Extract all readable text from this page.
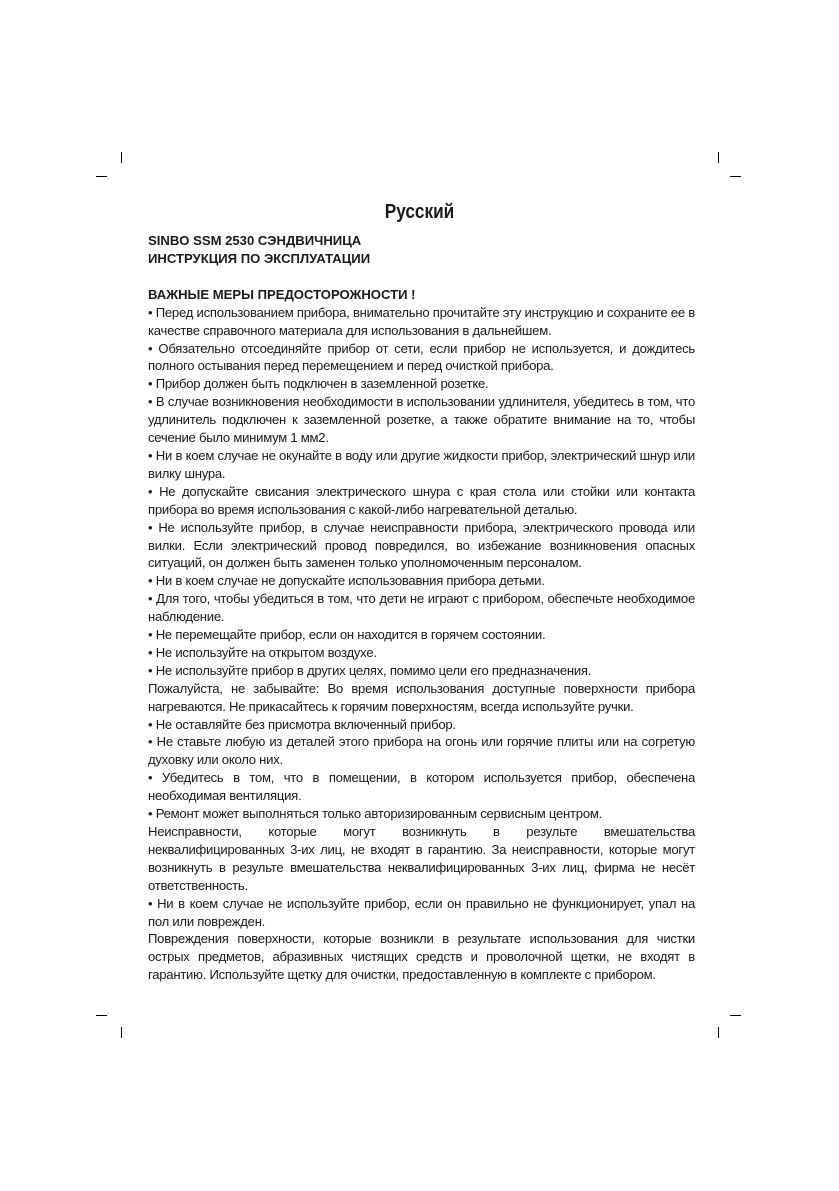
Русский

SINBO SSM 2530 СЭНДВИЧНИЦА

ИНСТРУКЦИЯ ПО ЭКСПЛУАТАЦИИ

ВАЖНЫЕ МЕРЫ ПРЕДОСТОРОЖНОСТИ !

• Перед использованием прибора, внимательно прочитайте эту инструкцию и сохраните ее в качестве справочного материала для использования в дальнейшем.

• Обязательно отсоединяйте прибор от сети, если прибор не используется, и дождитесь полного остывания перед перемещением и перед очисткой прибора.

• Прибор должен быть подключен в заземленной розетке.

• В случае возникновения необходимости в использовании удлинителя, убедитесь в том, что удлинитель подключен к заземленной розетке, а также обратите внимание на то, чтобы сечение было минимум 1 мм2.

• Ни в коем случае не окунайте в воду или другие жидкости прибор, электрический шнур или вилку шнура.

• Не допускайте свисания электрического шнура с края стола или стойки или контакта прибора во время использования с какой-либо нагревательной деталью.

• Не используйте прибор, в случае неисправности прибора, электрического провода или вилки. Если электрический провод повредился, во избежание возникновения опасных ситуаций, он должен быть заменен только уполномоченным персоналом.

• Ни в коем случае не допускайте использовавния прибора детьми.

• Для того, чтобы убедиться в том, что дети не играют с прибором, обеспечьте необходимое наблюдение.

• Не перемещайте прибор, если он находится в горячем состоянии.

• Не используйте на открытом воздухе.

• Не используйте прибор в других целях, помимо цели его предназначения.

Пожалуйста, не забывайте: Во время использования доступные поверхности прибора нагреваются. Не прикасайтесь к горячим поверхностям, всегда используйте ручки.

• Не оставляйте без присмотра включенный прибор.

• Не ставьте любую из деталей этого прибора на огонь или горячие плиты или на согретую духовку или около них.

• Убедитесь в том, что в помещении, в котором используется прибор, обеспечена необходимая вентиляция.

• Ремонт может выполняться только авторизированным сервисным центром.

Неисправности, которые могут возникнуть в результе вмешательства неквалифицированных 3-их лиц, не входят в гарантию. За неисправности, которые могут возникнуть в результе вмешательства неквалифицированных 3-их лиц, фирма не несёт ответственность.

• Ни в коем случае не используйте прибор, если он правильно не функционирует, упал на пол или поврежден.

Повреждения поверхности, которые возникли в результате использования для чистки острых предметов, абразивных чистящих средств и проволочной щетки, не входят в гарантию. Используйте щетку для очистки, предоставленную в комплекте с прибором.
